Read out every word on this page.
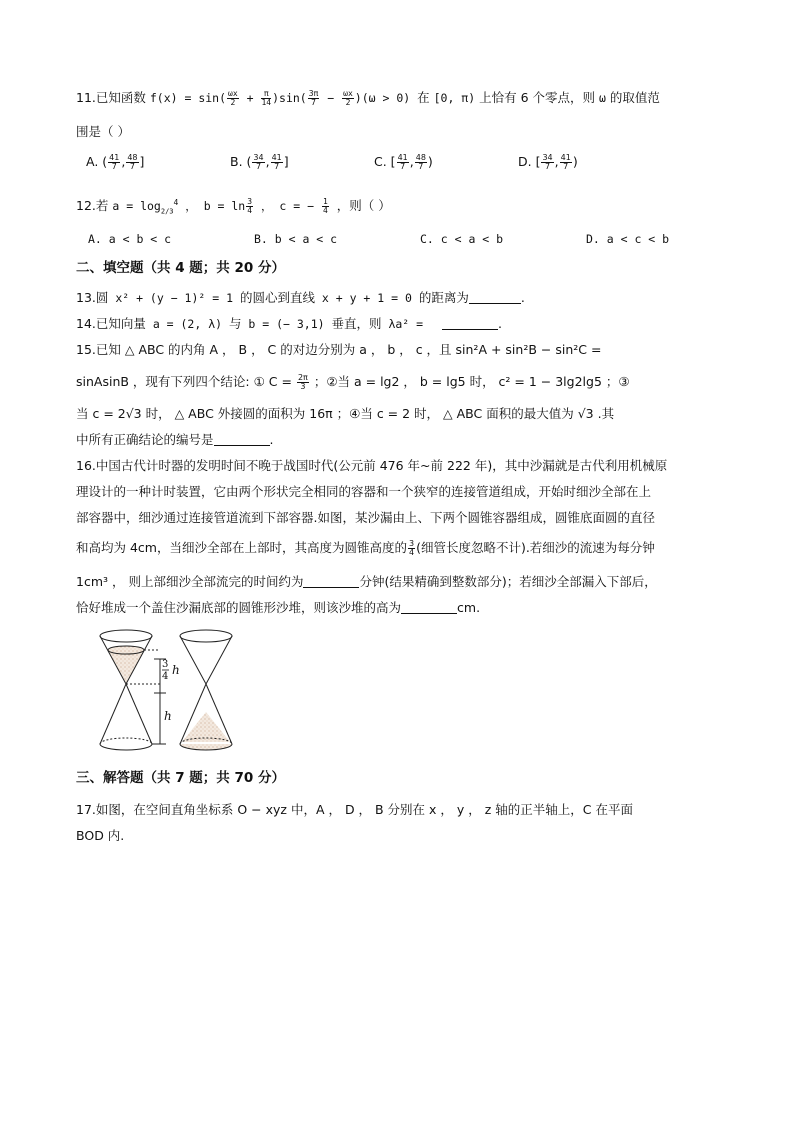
11.已知函数 $f(x) = \sin( \frac{\omega x}{2} + \frac{\pi}{14} )\sin( \frac{3\pi}{7} - \frac{\omega x}{2} )(\omega > 0)$ 在 [0, π) 上恰有 6 个零点，则 ω 的取值范
围是（ ）
A. ( $\frac{41}{7}$ , $\frac{48}{7}$ ]	B. ( $\frac{34}{7}$ , $\frac{41}{7}$ ]	C. [ $\frac{41}{7}$ , $\frac{48}{7}$ )	D. [ $\frac{34}{7}$ , $\frac{41}{7}$ )
12.若 $a = \log_{2/3}^4$ ， $b = \ln \frac{3}{4}$ ， c = − $\frac{1}{4}$ ，则（ ）
A. a < b < c	B. b < a < c	C. c < a < b	D. a < c < b
二、填空题（共 4 题；共 20 分）
13.圆 x² + (y − 1)² = 1 的圆心到直线 x + y + 1 = 0 的距离为	.
14.已知向量 a = (2, λ) 与 b = (− 3,1) 垂直，则 λa² =	.
15.已知 △ ABC 的内角 A ， B ， C 的对边分别为 a ， b ， c ，且 sin²A + sin²B − sin²C =
sinAsinB ，现有下列四个结论: ① $C = \frac{2\pi}{3}$ ；②当 a = lg2 ， b = lg5 时， c² = 1 − 3lg2lg5 ；③
当 c = 2√3 时， △ ABC 外接圆的面积为 16π ；④当 c = 2 时， △ ABC 面积的最大值为 √3 .其
中所有正确结论的编号是	.
16.中国古代计时器的发明时间不晚于战国时代(公元前 476 年~前 222 年)，其中沙漏就是古代利用机械原
理设计的一种计时装置，它由两个形状完全相同的容器和一个狭窄的连接管道组成，开始时细沙全部在上
部容器中，细沙通过连接管道流到下部容器.如图，某沙漏由上、下两个圆锥容器组成，圆锥底面圆的直径
和高均为 4cm，当细沙全部在上部时，其高度为圆锥高度的 $\frac{3}{4}$ (细管长度忽略不计).若细沙的流速为每分钟
1cm³ ， 则上部细沙全部流完的时间约为	分钟(结果精确到整数部分)；若细沙全部漏入下部后，
恰好堆成一个盖住沙漏底部的圆锥形沙堆，则该沙堆的高为	cm.
3
4 h
h
三、解答题（共 7 题；共 70 分）
17.如图，在空间直角坐标系 O − xyz 中，A ， D ， B 分别在 x ， y ， z 轴的正半轴上，C 在平面
BOD 内.
